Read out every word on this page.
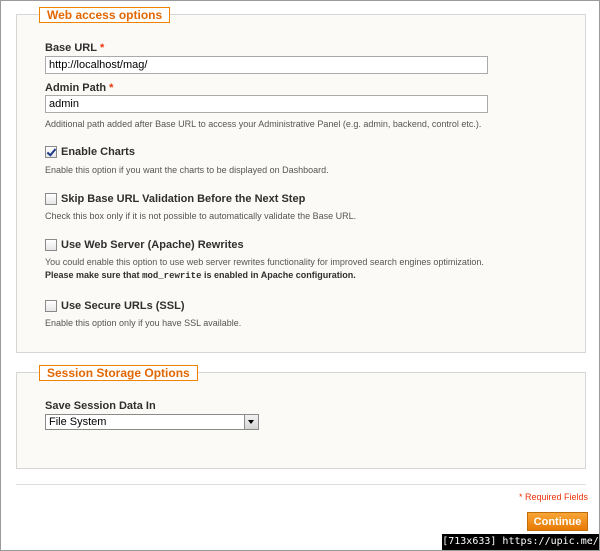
Web access options
Base URL *
http://localhost/mag/
Admin Path *
admin
Additional path added after Base URL to access your Administrative Panel (e.g. admin, backend, control etc.).
Enable Charts
Enable this option if you want the charts to be displayed on Dashboard.
Skip Base URL Validation Before the Next Step
Check this box only if it is not possible to automatically validate the Base URL.
Use Web Server (Apache) Rewrites
You could enable this option to use web server rewrites functionality for improved search engines optimization.
Please make sure that mod_rewrite is enabled in Apache configuration.
Use Secure URLs (SSL)
Enable this option only if you have SSL available.
Session Storage Options
Save Session Data In
File System
* Required Fields
Continue
[713x633] https://upic.me/
